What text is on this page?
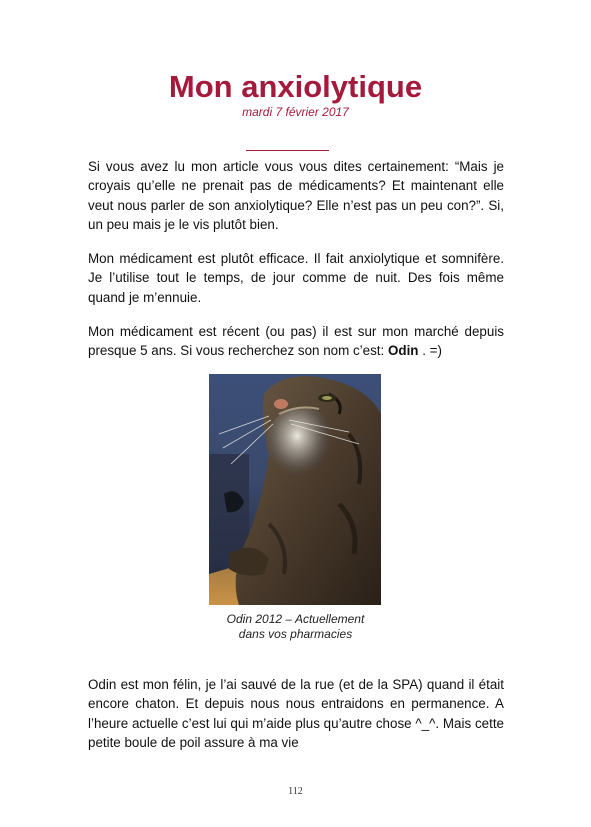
Mon anxiolytique
mardi 7 février 2017

Si vous avez lu mon article vous vous dites certainement: “Mais je croyais qu’elle ne prenait pas de médicaments? Et maintenant elle veut nous parler de son anxiolytique? Elle n’est pas un peu con?”. Si, un peu mais je le vis plutôt bien.

Mon médicament est plutôt efficace. Il fait anxiolytique et somnifère. Je l’utilise tout le temps, de jour comme de nuit. Des fois même quand je m’ennuie.

Mon médicament est récent (ou pas) il est sur mon marché depuis presque 5 ans. Si vous recherchez son nom c’est: Odin . =)

Odin 2012 – Actuellement
dans vos pharmacies

Odin est mon félin, je l’ai sauvé de la rue (et de la SPA) quand il était encore chaton. Et depuis nous nous entraidons en permanence. A l’heure actuelle c’est lui qui m’aide plus qu’autre chose ^_^. Mais cette petite boule de poil assure à ma vie

112
